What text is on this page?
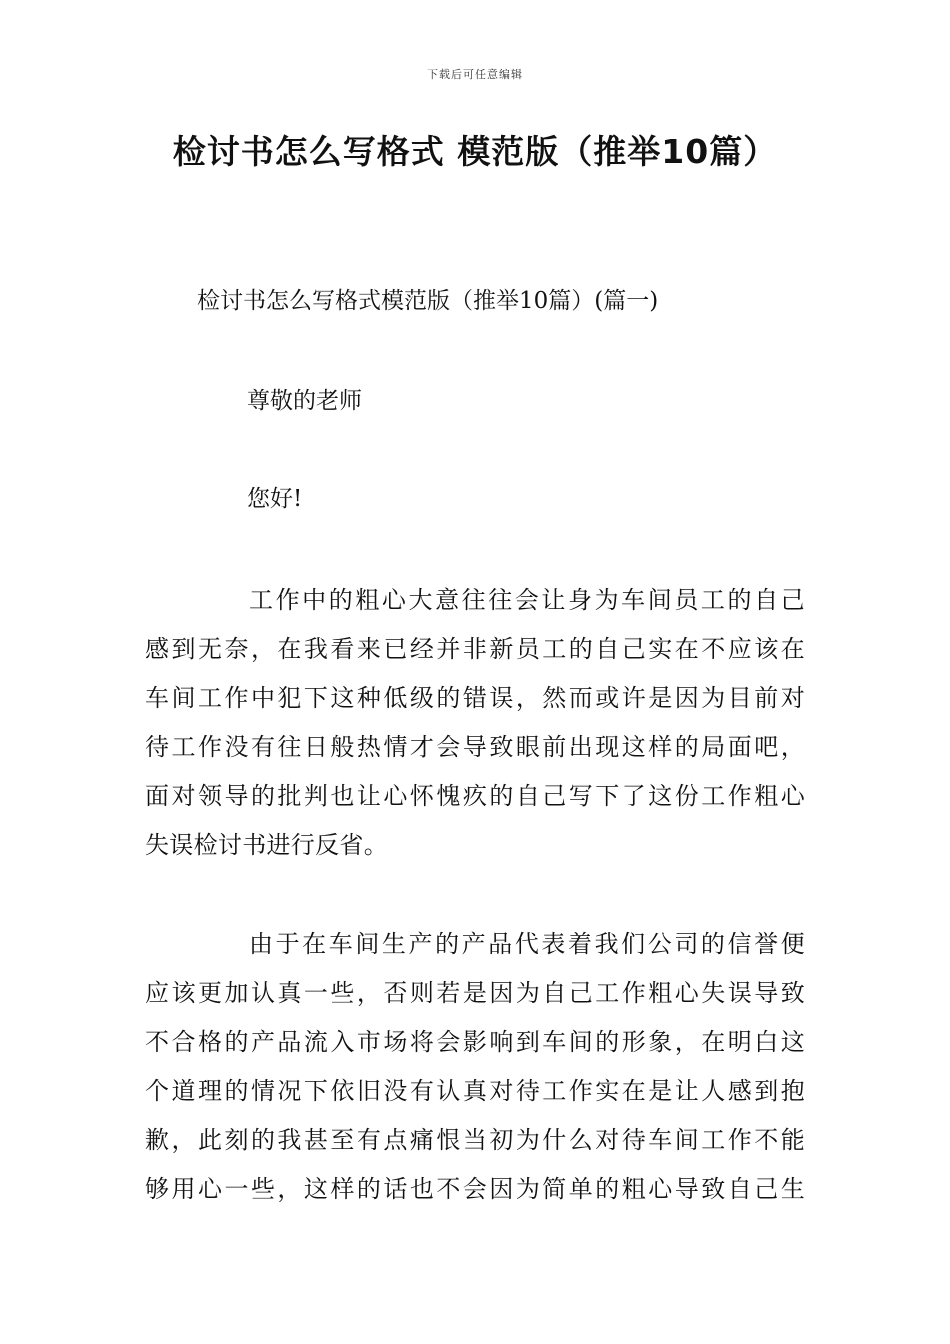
下载后可任意编辑
检讨书怎么写格式 模范版（推举10篇）
检讨书怎么写格式模范版（推举10篇）(篇一)
尊敬的老师
您好!

工作中的粗心大意往往会让身为车间员工的自己
感到无奈，在我看来已经并非新员工的自己实在不应该在
车间工作中犯下这种低级的错误，然而或许是因为目前对
待工作没有往日般热情才会导致眼前出现这样的局面吧，
面对领导的批判也让心怀愧疚的自己写下了这份工作粗心
失误检讨书进行反省。

由于在车间生产的产品代表着我们公司的信誉便
应该更加认真一些，否则若是因为自己工作粗心失误导致
不合格的产品流入市场将会影响到车间的形象，在明白这
个道理的情况下依旧没有认真对待工作实在是让人感到抱
歉，此刻的我甚至有点痛恨当初为什么对待车间工作不能
够用心一些，这样的话也不会因为简单的粗心导致自己生
